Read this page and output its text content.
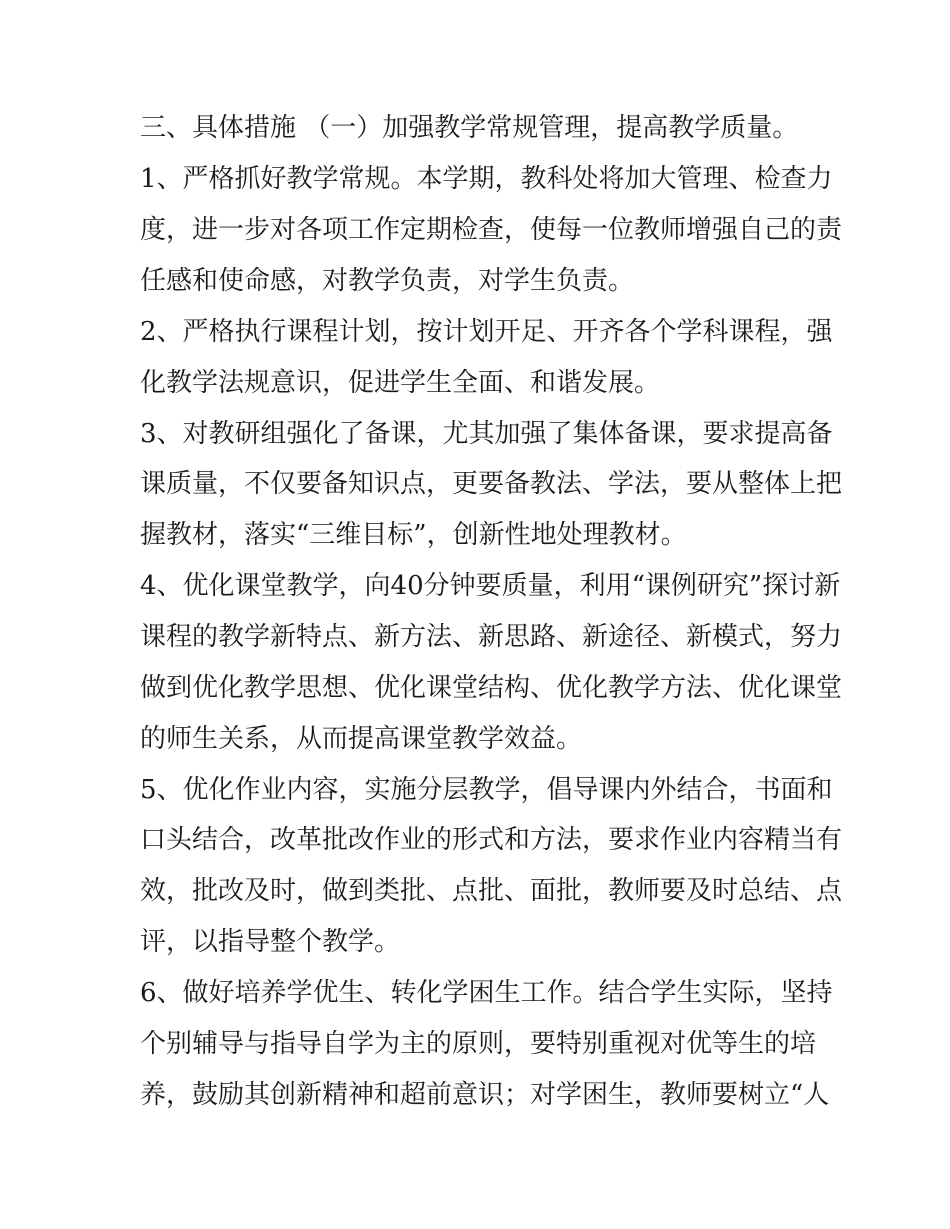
三、具体措施 （一）加强教学常规管理，提高教学质量。
1、严格抓好教学常规。本学期，教科处将加大管理、检查力
度，进一步对各项工作定期检查，使每一位教师增强自己的责
任感和使命感，对教学负责，对学生负责。
2、严格执行课程计划，按计划开足、开齐各个学科课程，强
化教学法规意识，促进学生全面、和谐发展。
3、对教研组强化了备课，尤其加强了集体备课，要求提高备
课质量，不仅要备知识点，更要备教法、学法，要从整体上把
握教材，落实“三维目标”，创新性地处理教材。
4、优化课堂教学，向40分钟要质量，利用“课例研究”探讨新
课程的教学新特点、新方法、新思路、新途径、新模式，努力
做到优化教学思想、优化课堂结构、优化教学方法、优化课堂
的师生关系，从而提高课堂教学效益。
5、优化作业内容，实施分层教学，倡导课内外结合，书面和
口头结合，改革批改作业的形式和方法，要求作业内容精当有
效，批改及时，做到类批、点批、面批，教师要及时总结、点
评，以指导整个教学。
6、做好培养学优生、转化学困生工作。结合学生实际，坚持
个别辅导与指导自学为主的原则，要特别重视对优等生的培
养，鼓励其创新精神和超前意识；对学困生，教师要树立“人
